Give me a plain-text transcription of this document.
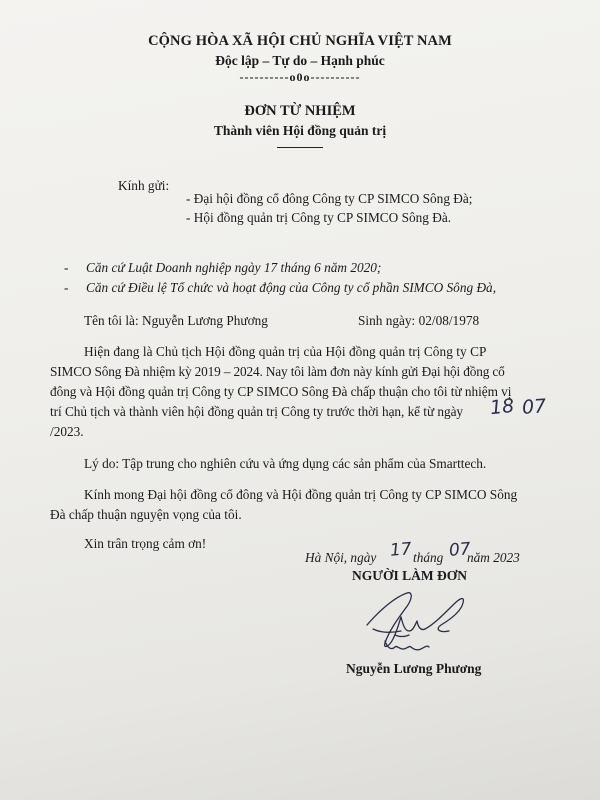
CỘNG HÒA XÃ HỘI CHỦ NGHĨA VIỆT NAM
Độc lập – Tự do – Hạnh phúc
----------o0o----------
ĐƠN TỪ NHIỆM
Thành viên Hội đồng quản trị
Kính gửi:
- Đại hội đồng cổ đông Công ty CP SIMCO Sông Đà;
- Hội đồng quản trị Công ty CP SIMCO Sông Đà.
- Căn cứ Luật Doanh nghiệp ngày 17 tháng 6 năm 2020;
- Căn cứ Điều lệ Tổ chức và hoạt động của Công ty cổ phần SIMCO Sông Đà,
Tên tôi là: Nguyễn Lương Phương	Sinh ngày: 02/08/1978
Hiện đang là Chủ tịch Hội đồng quản trị của Hội đồng quản trị Công ty CP
SIMCO Sông Đà nhiệm kỳ 2019 – 2024. Nay tôi làm đơn này kính gửi Đại hội đồng cổ
đông và Hội đồng quản trị Công ty CP SIMCO Sông Đà chấp thuận cho tôi từ nhiệm vị
trí Chủ tịch và thành viên hội đồng quản trị Công ty trước thời hạn, kể từ ngày 18 07
/2023.
Lý do: Tập trung cho nghiên cứu và ứng dụng các sản phẩm của Smarttech.
Kính mong Đại hội đồng cổ đông và Hội đồng quản trị Công ty CP SIMCO Sông
Đà chấp thuận nguyện vọng của tôi.
Xin trân trọng cảm ơn!
Hà Nội, ngày 17 tháng 07
năm 2023
NGƯỜI LÀM ĐƠN
Nguyễn Lương Phương
